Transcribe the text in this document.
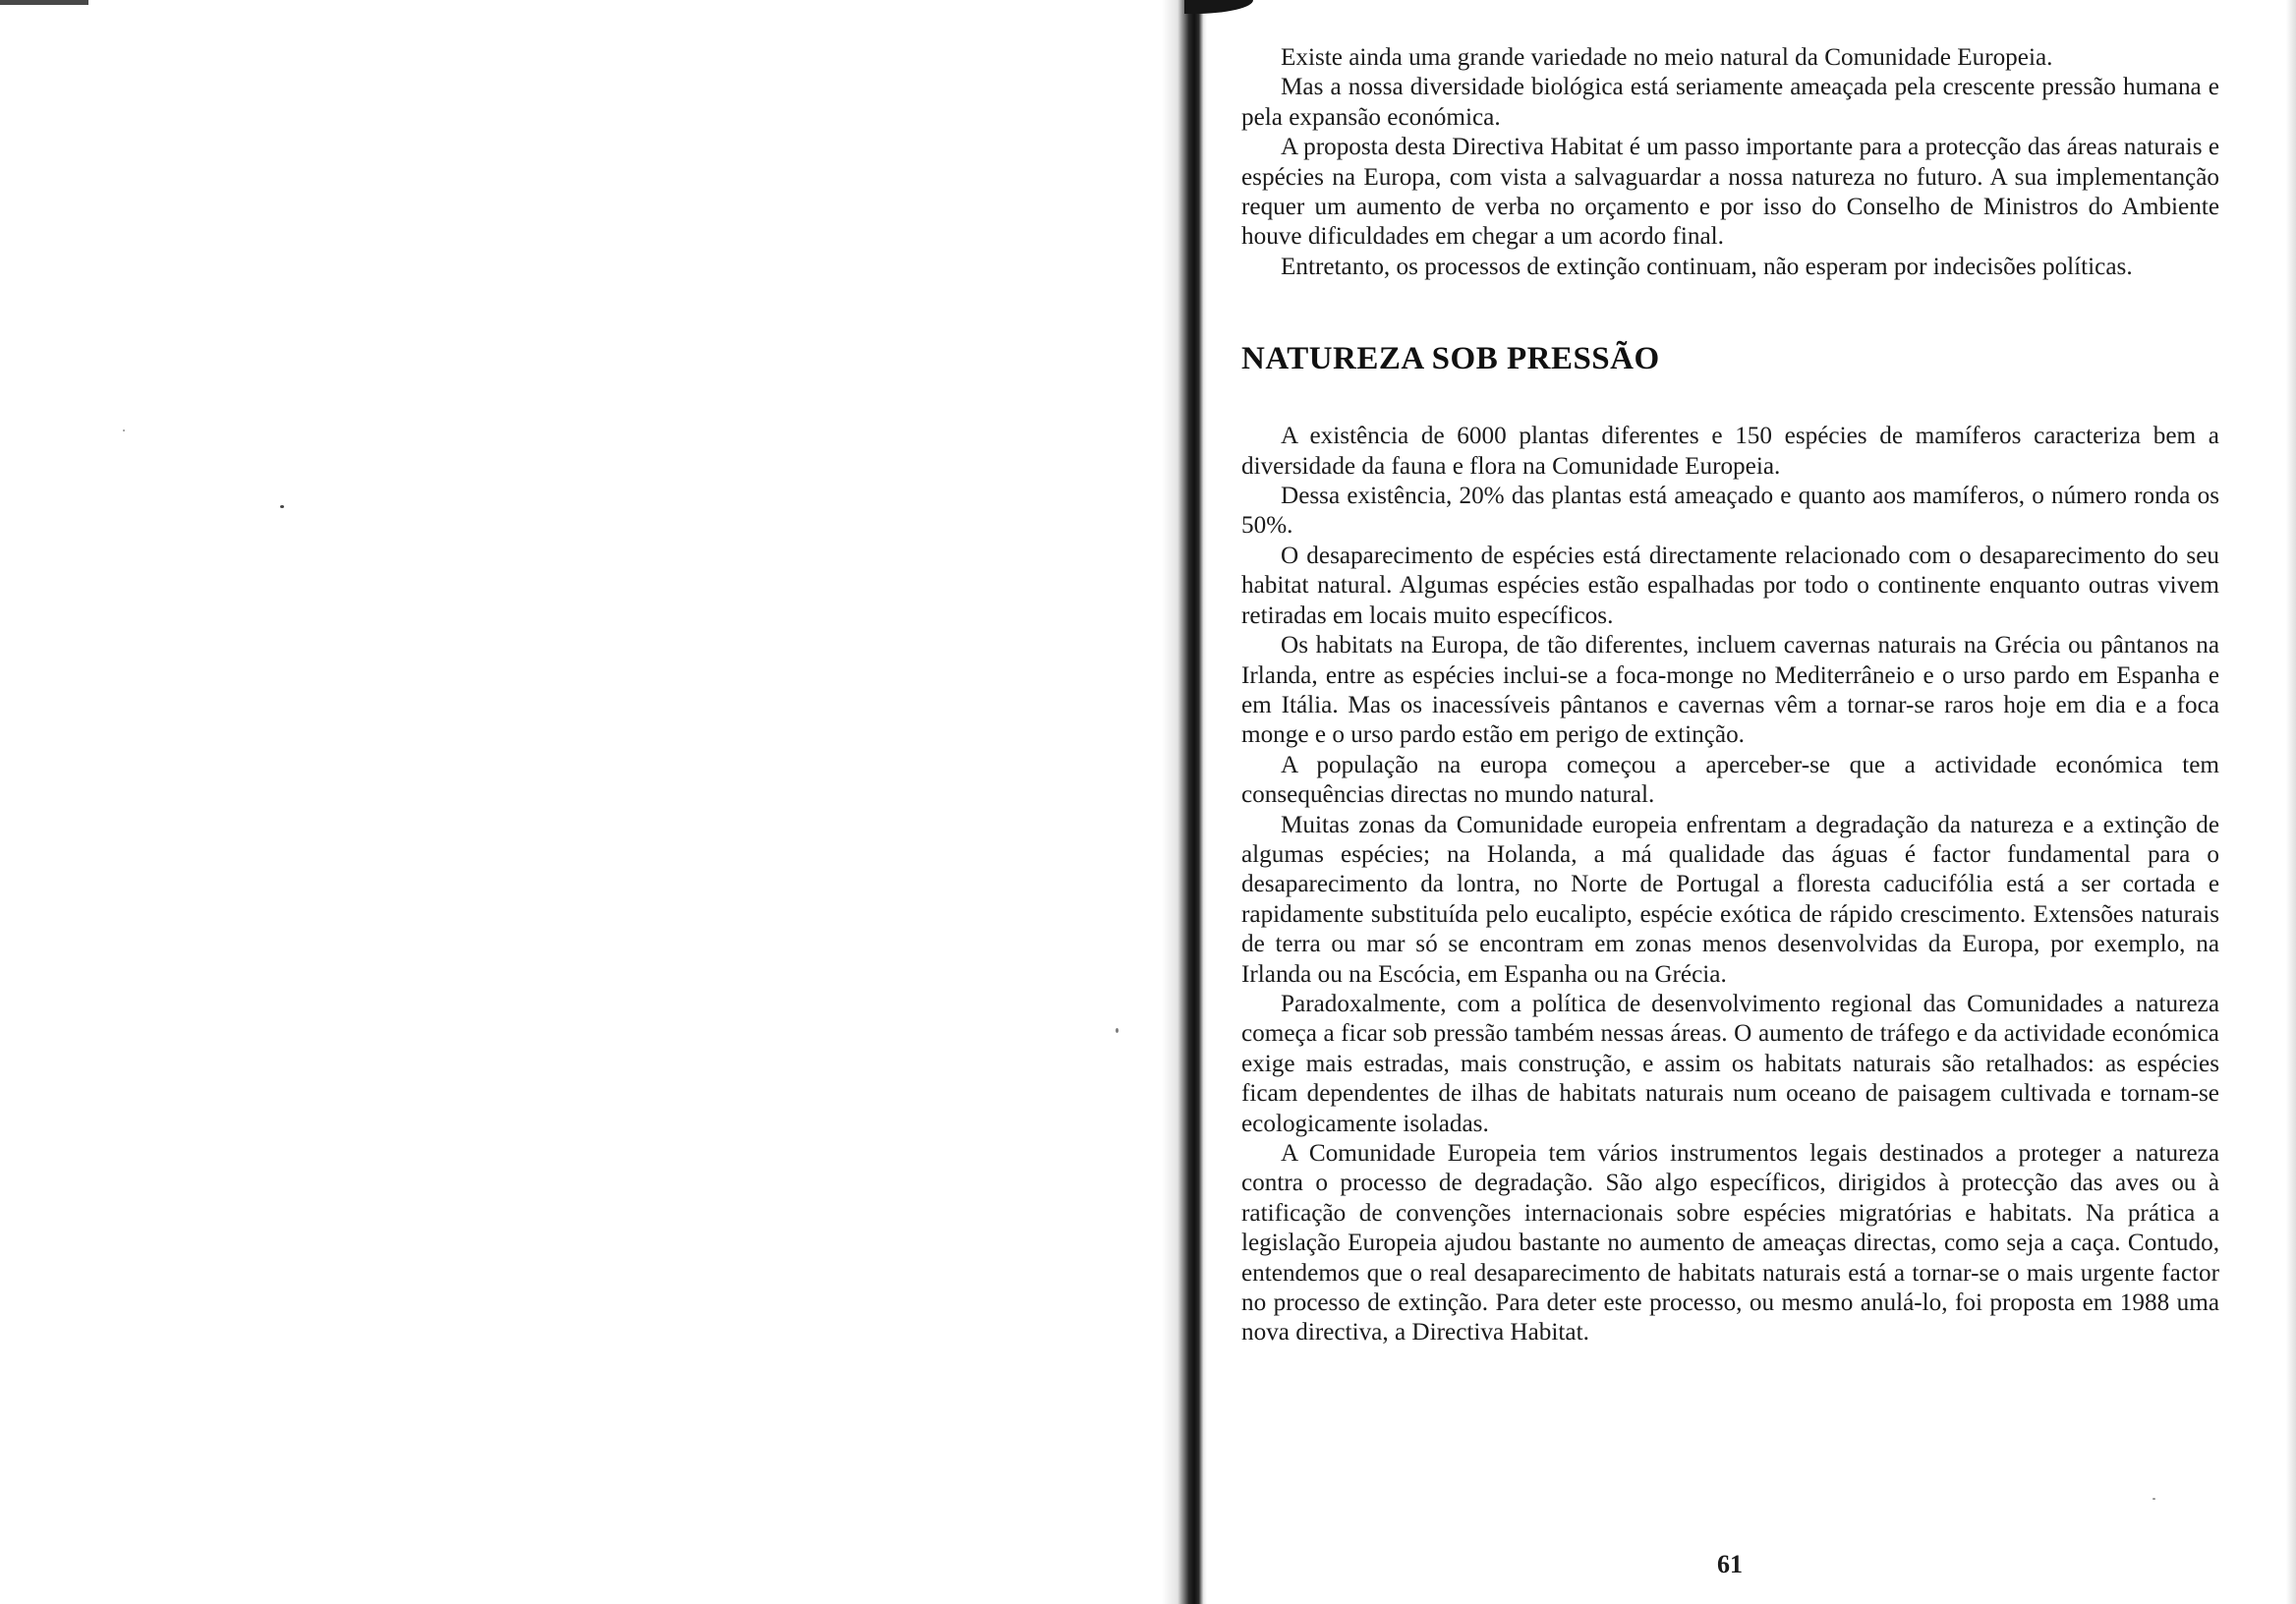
Existe ainda uma grande variedade no meio natural da Comunidade Europeia.

Mas a nossa diversidade biológica está seriamente ameaçada pela crescente pressão humana e pela expansão económica.

A proposta desta Directiva Habitat é um passo importante para a protecção das áreas naturais e espécies na Europa, com vista a salvaguardar a nossa natureza no futuro. A sua implementanção requer um aumento de verba no orçamento e por isso do Conselho de Ministros do Ambiente houve dificuldades em chegar a um acordo final.

Entretanto, os processos de extinção continuam, não esperam por indecisões políticas.

NATUREZA SOB PRESSÃO

A existência de 6000 plantas diferentes e 150 espécies de mamíferos caracteriza bem a diversidade da fauna e flora na Comunidade Europeia.

Dessa existência, 20% das plantas está ameaçado e quanto aos mamíferos, o número ronda os 50%.

O desaparecimento de espécies está directamente relacionado com o desaparecimento do seu habitat natural. Algumas espécies estão espalhadas por todo o continente enquanto outras vivem retiradas em locais muito específicos.

Os habitats na Europa, de tão diferentes, incluem cavernas naturais na Grécia ou pântanos na Irlanda, entre as espécies inclui-se a foca-monge no Mediterrâneio e o urso pardo em Espanha e em Itália. Mas os inacessíveis pântanos e cavernas vêm a tornar-se raros hoje em dia e a foca monge e o urso pardo estão em perigo de extinção.

A população na europa começou a aperceber-se que a actividade económica tem consequências directas no mundo natural.

Muitas zonas da Comunidade europeia enfrentam a degradação da natureza e a extinção de algumas espécies; na Holanda, a má qualidade das águas é factor fundamental para o desaparecimento da lontra, no Norte de Portugal a floresta caducifólia está a ser cortada e rapidamente substituída pelo eucalipto, espécie exótica de rápido crescimento. Extensões naturais de terra ou mar só se encontram em zonas menos desenvolvidas da Europa, por exemplo, na Irlanda ou na Escócia, em Espanha ou na Grécia.

Paradoxalmente, com a política de desenvolvimento regional das Comunidades a natureza começa a ficar sob pressão também nessas áreas. O aumento de tráfego e da actividade económica exige mais estradas, mais construção, e assim os habitats naturais são retalhados: as espécies ficam dependentes de ilhas de habitats naturais num oceano de paisagem cultivada e tornam-se ecologicamente isoladas.

A Comunidade Europeia tem vários instrumentos legais destinados a proteger a natureza contra o processo de degradação. São algo específicos, dirigidos à protecção das aves ou à ratificação de convenções internacionais sobre espécies migratórias e habitats. Na prática a legislação Europeia ajudou bastante no aumento de ameaças directas, como seja a caça. Contudo, entendemos que o real desaparecimento de habitats naturais está a tornar-se o mais urgente factor no processo de extinção. Para deter este processo, ou mesmo anulá-lo, foi proposta em 1988 uma nova directiva, a Directiva Habitat.

61
